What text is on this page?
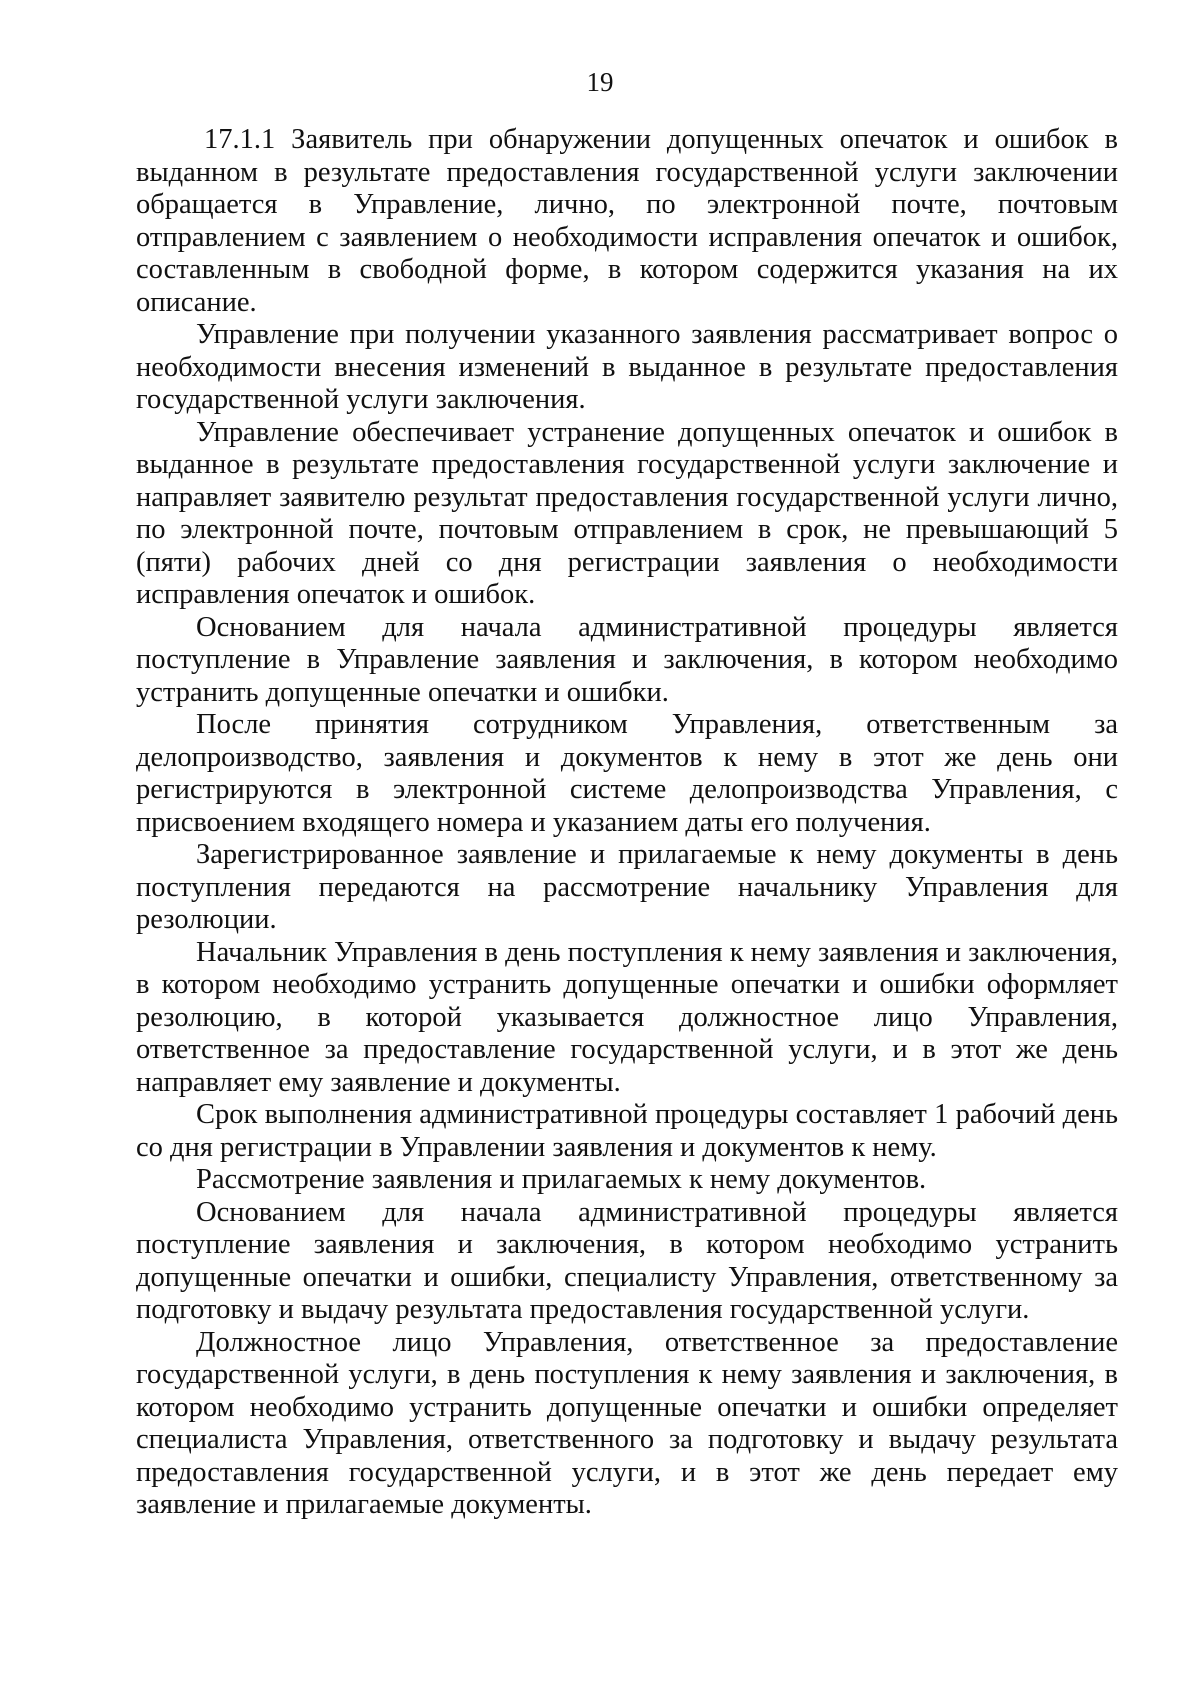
19

17.1.1 Заявитель при обнаружении допущенных опечаток и ошибок в выданном в результате предоставления государственной услуги заключении обращается в Управление, лично, по электронной почте, почтовым отправлением с заявлением о необходимости исправления опечаток и ошибок, составленным в свободной форме, в котором содержится указания на их описание.

Управление при получении указанного заявления рассматривает вопрос о необходимости внесения изменений в выданное в результате предоставления государственной услуги заключения.

Управление обеспечивает устранение допущенных опечаток и ошибок в выданное в результате предоставления государственной услуги заключение и направляет заявителю результат предоставления государственной услуги лично, по электронной почте, почтовым отправлением в срок, не превышающий 5 (пяти) рабочих дней со дня регистрации заявления о необходимости исправления опечаток и ошибок.

Основанием для начала административной процедуры является поступление в Управление заявления и заключения, в котором необходимо устранить допущенные опечатки и ошибки.

После принятия сотрудником Управления, ответственным за делопроизводство, заявления и документов к нему в этот же день они регистрируются в электронной системе делопроизводства Управления, с присвоением входящего номера и указанием даты его получения.

Зарегистрированное заявление и прилагаемые к нему документы в день поступления передаются на рассмотрение начальнику Управления для резолюции.

Начальник Управления в день поступления к нему заявления и заключения, в котором необходимо устранить допущенные опечатки и ошибки оформляет резолюцию, в которой указывается должностное лицо Управления, ответственное за предоставление государственной услуги, и в этот же день направляет ему заявление и документы.

Срок выполнения административной процедуры составляет 1 рабочий день со дня регистрации в Управлении заявления и документов к нему.

Рассмотрение заявления и прилагаемых к нему документов.

Основанием для начала административной процедуры является поступление заявления и заключения, в котором необходимо устранить допущенные опечатки и ошибки, специалисту Управления, ответственному за подготовку и выдачу результата предоставления государственной услуги.

Должностное лицо Управления, ответственное за предоставление государственной услуги, в день поступления к нему заявления и заключения, в котором необходимо устранить допущенные опечатки и ошибки определяет специалиста Управления, ответственного за подготовку и выдачу результата предоставления государственной услуги, и в этот же день передает ему заявление и прилагаемые документы.
